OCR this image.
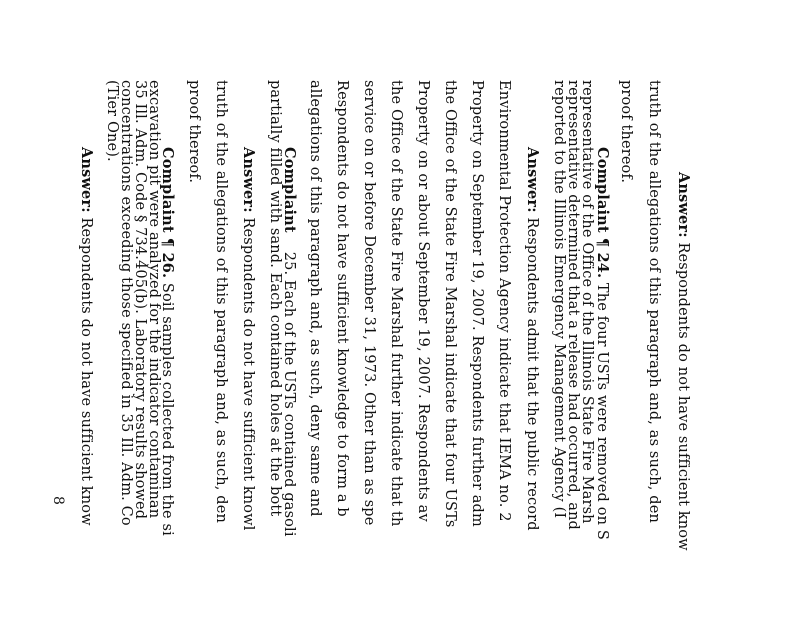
Answer: Respondents do not have sufficient know
truth of the allegations of this paragraph and, as such, den
proof thereof.
Complaint ¶ 24. The four USTs were removed on S
representative of the Office of the Illinois State Fire Marsh
representative determined that a release had occurred, and
reported to the Illinois Emergency Management Agency (I
Answer: Respondents admit that the public record
Environmental Protection Agency indicate that IEMA no. 2
Property on September 19, 2007. Respondents further adm
the Office of the State Fire Marshal indicate that four USTs
Property on or about September 19, 2007. Respondents av
the Office of the State Fire Marshal further indicate that th
service on or before December 31, 1973. Other than as spe
Respondents do not have sufficient knowledge to form a b
allegations of this paragraph and, as such, deny same and
Complaint    25. Each of the USTs contained gasoli
partially filled with sand. Each contained holes at the bott
Answer: Respondents do not have sufficient knowl
truth of the allegations of this paragraph and, as such, den
proof thereof.
Complaint ¶ 26. Soil samples collected from the si
excavation pit were analyzed for the indicator contaminan
35 Ill. Adm. Code § 734.405(b). Laboratory results showed
concentrations exceeding those specified in 35 Ill. Adm. Co
(Tier One).
Answer: Respondents do not have sufficient know
8
